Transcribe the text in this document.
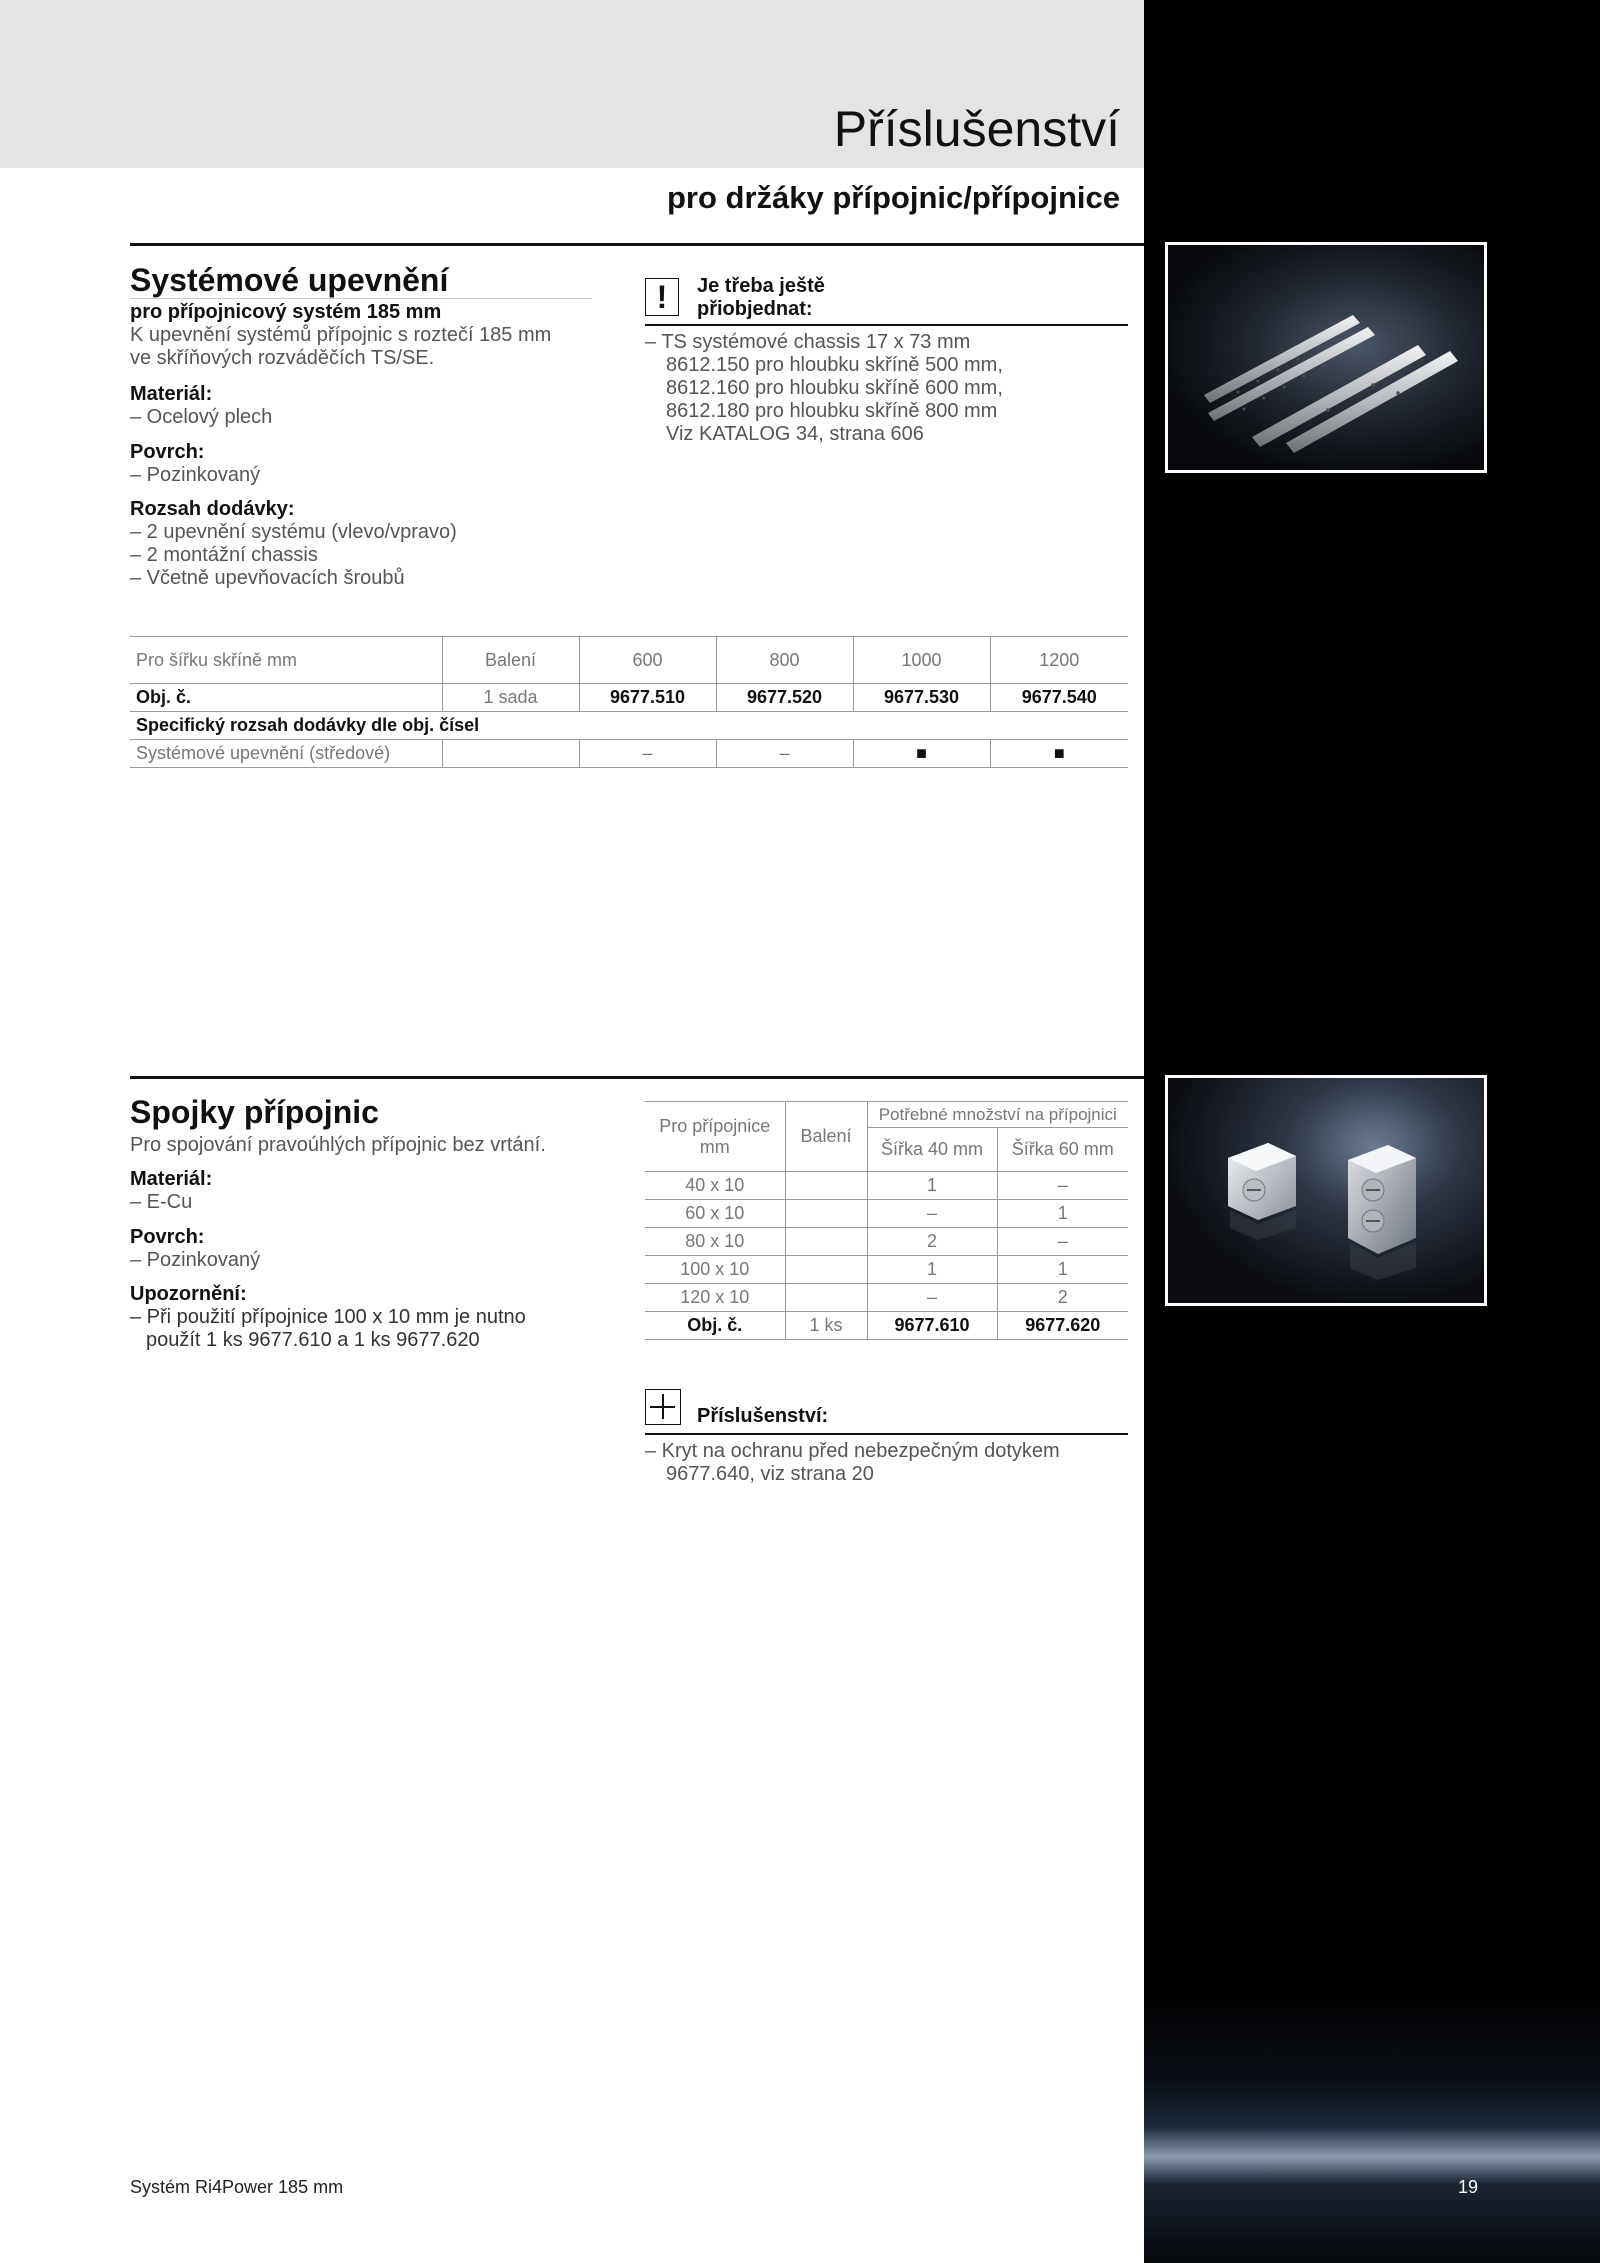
Příslušenství
pro držáky přípojnic/přípojnice
Systémové upevnění
pro přípojnicový systém 185 mm
K upevnění systémů přípojnic s roztečí 185 mm
ve skříňových rozváděčích TS/SE.
Materiál:
– Ocelový plech
Povrch:
– Pozinkovaný
Rozsah dodávky:
– 2 upevnění systému (vlevo/vpravo)
– 2 montážní chassis
– Včetně upevňovacích šroubů
!	Je třeba ještě
přiobjednat:
– TS systémové chassis 17 x 73 mm
8612.150 pro hloubku skříně 500 mm,
8612.160 pro hloubku skříně 600 mm,
8612.180 pro hloubku skříně 800 mm
Viz KATALOG 34, strana 606
Pro šířku skříně mm	Balení	600	800	1000	1200
Obj. č.	1 sada	9677.510	9677.520	9677.530	9677.540
Specifický rozsah dodávky dle obj. čísel					
Systémové upevnění (středové)		–	–	■	■
Spojky přípojnic
Pro spojování pravoúhlých přípojnic bez vrtání.
Materiál:
– E-Cu
Povrch:
– Pozinkovaný
Upozornění:
– Při použití přípojnice 100 x 10 mm je nutno
použít 1 ks 9677.610 a 1 ks 9677.620
Pro přípojnice mm	Balení	Potřebné množství na přípojnici	
		Šířka 40 mm	Šířka 60 mm
40 x 10		1	–
60 x 10		–	1
80 x 10		2	–
100 x 10		1	1
120 x 10		–	2
Obj. č.	1 ks	9677.610	9677.620
Příslušenství:
– Kryt na ochranu před nebezpečným dotykem
9677.640, viz strana 20
Systém Ri4Power 185 mm	19
